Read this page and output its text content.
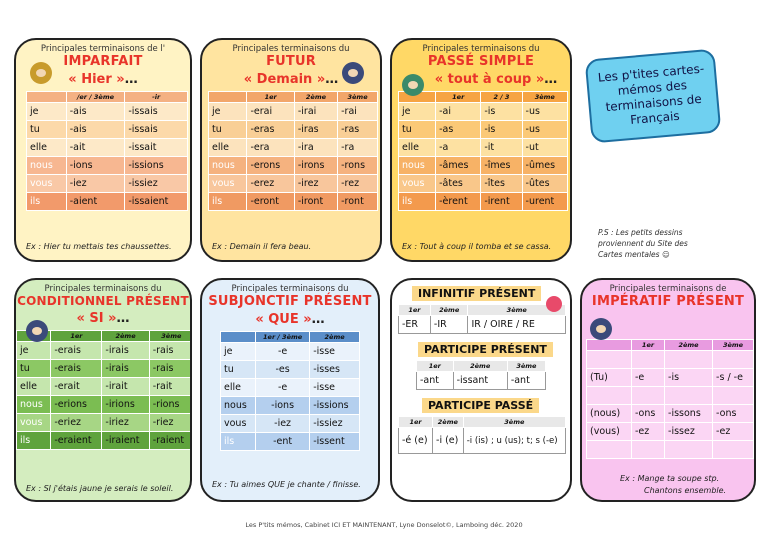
Principales terminaisons de l'
IMPARFAIT
« Hier »…
	/er / 3ème	-ir
je	-ais	-issais
tu	-ais	-issais
elle	-ait	-issait
nous	-ions	-issions
vous	-iez	-issiez
ils	-aient	-issaient
Ex : Hier tu mettais tes chaussettes.
Principales terminaisons du
FUTUR
« Demain »…
	1er	2ème	3ème
je	-erai	-irai	-rai
tu	-eras	-iras	-ras
elle	-era	-ira	-ra
nous	-erons	-irons	-rons
vous	-erez	-irez	-rez
ils	-eront	-iront	-ront
Ex : Demain il fera beau.
Principales terminaisons du
PASSÉ SIMPLE
« tout à coup »…
	1er	2 / 3	3ème
je	-ai	-is	-us
tu	-as	-is	-us
elle	-a	-it	-ut
nous	-âmes	-îmes	-ûmes
vous	-âtes	-îtes	-ûtes
ils	-èrent	-irent	-urent
Ex : Tout à coup il tomba et se cassa.
Les p'tites cartes-mémos des terminaisons de Français
P.S : Les petits dessins proviennent du Site des Cartes mentales ☺
Principales terminaisons du
CONDITIONNEL PRÉSENT
« SI »…
	1er	2ème	3ème
je	-erais	-irais	-rais
tu	-erais	-irais	-rais
elle	-erait	-irait	-rait
nous	-erions	-irions	-rions
vous	-eriez	-iriez	-riez
ils	-eraient	-iraient	-raient
Ex : SI j'étais jaune je serais le soleil.
Principales terminaisons du
SUBJONCTIF PRÉSENT
« QUE »…
	1er / 3ème	2ème
je	-e	-isse
tu	-es	-isses
elle	-e	-isse
nous	-ions	-issions
vous	-iez	-issiez
ils	-ent	-issent
Ex : Tu aimes QUE je chante / finisse.
INFINITIF PRÉSENT
1er	2ème	3ème
-ER	-IR	IR / OIRE / RE
PARTICIPE PRÉSENT
1er	2ème	3ème
-ant	-issant	-ant
PARTICIPE PASSÉ
1er	2ème	3ème
-é (e)	-i (e)	-i (is) ; u (us); t; s (-e)
Principales terminaisons de
IMPÉRATIF PRÉSENT
	1er	2ème	3ème

(Tu)	-e	-is	-s / -e

(nous)	-ons	-issons	-ons
(vous)	-ez	-issez	-ez

Ex : Mange ta soupe stp.
Chantons ensemble.
Les P'tits mémos, Cabinet ICI ET MAINTENANT, Lyne Donselot©, Lamboing déc. 2020
